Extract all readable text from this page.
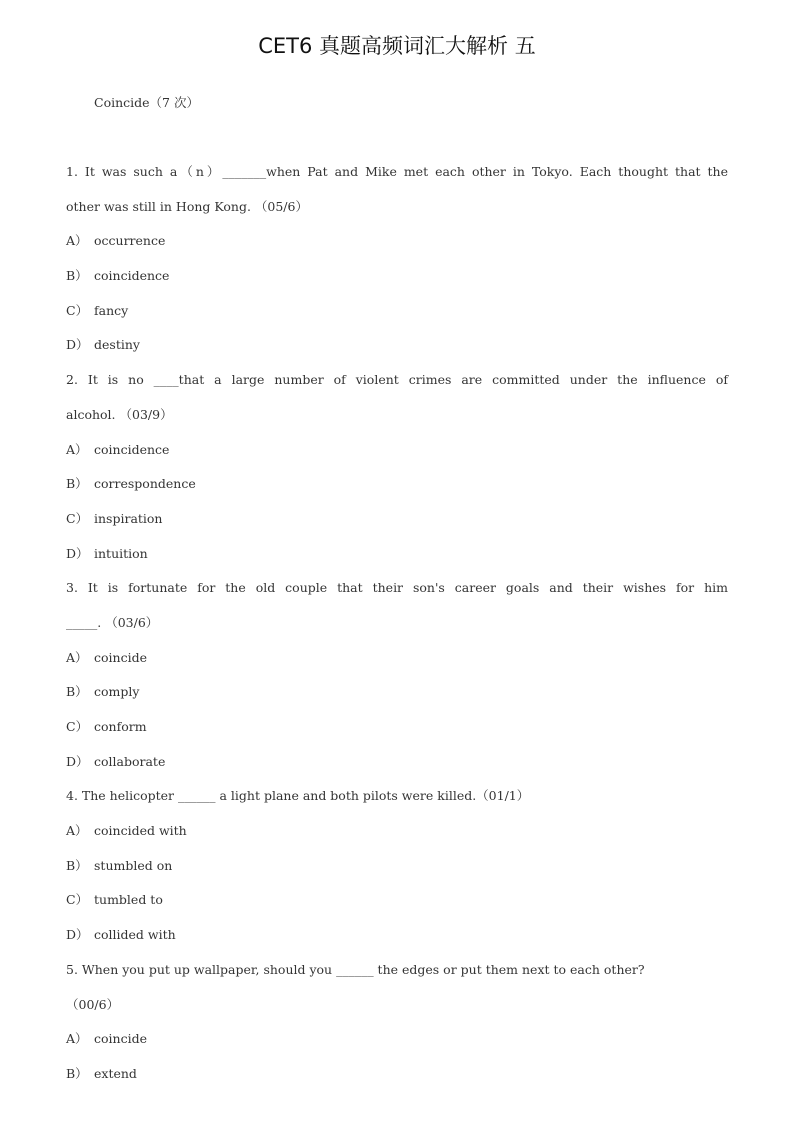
CET6 真题高频词汇大解析 五
Coincide（7 次）
1. It was such a（n）_______when Pat and Mike met each other in Tokyo. Each thought that the
other was still in Hong Kong. （05/6）
A） occurrence
B） coincidence
C） fancy
D） destiny
2. It is no ____that a large number of violent crimes are committed under the influence of
alcohol. （03/9）
A） coincidence
B） correspondence
C） inspiration
D） intuition
3. It is fortunate for the old couple that their son's career goals and their wishes for him
_____. （03/6）
A） coincide
B） comply
C） conform
D） collaborate
4. The helicopter ______ a light plane and both pilots were killed.（01/1）
A） coincided with
B） stumbled on
C） tumbled to
D） collided with
5. When you put up wallpaper, should you ______ the edges or put them next to each other?
（00/6）
A） coincide
B） extend
